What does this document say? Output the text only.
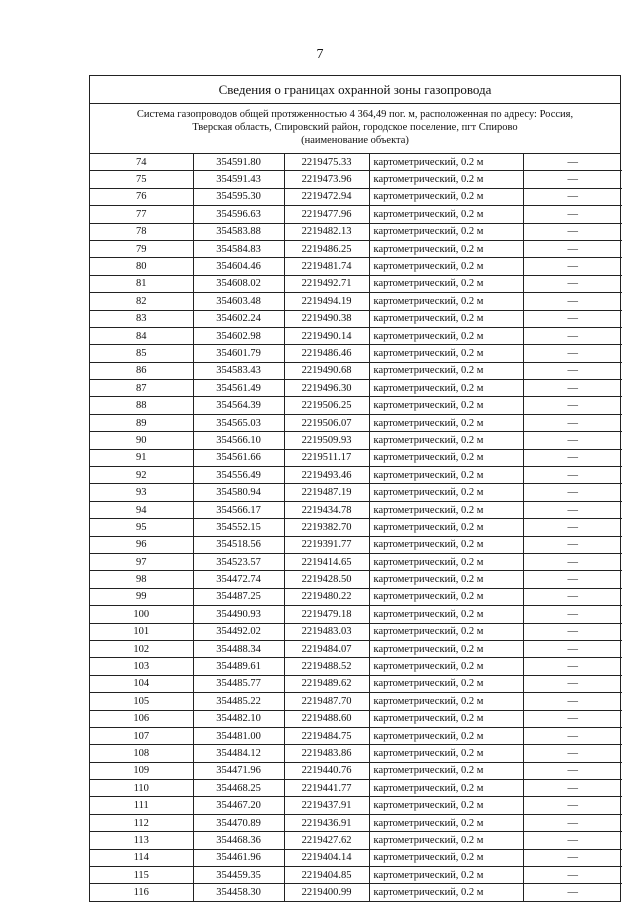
7
Сведения о границах охранной зоны газопровода
Система газопроводов общей протяженностью 4 364,49 пог. м, расположенная по адресу: Россия,
Тверская область, Спировский район, городское поселение, пгт Спирово
(наименование объекта)
74	354591.80	2219475.33	картометрический, 0.2 м	—
75	354591.43	2219473.96	картометрический, 0.2 м	—
76	354595.30	2219472.94	картометрический, 0.2 м	—
77	354596.63	2219477.96	картометрический, 0.2 м	—
78	354583.88	2219482.13	картометрический, 0.2 м	—
79	354584.83	2219486.25	картометрический, 0.2 м	—
80	354604.46	2219481.74	картометрический, 0.2 м	—
81	354608.02	2219492.71	картометрический, 0.2 м	—
82	354603.48	2219494.19	картометрический, 0.2 м	—
83	354602.24	2219490.38	картометрический, 0.2 м	—
84	354602.98	2219490.14	картометрический, 0.2 м	—
85	354601.79	2219486.46	картометрический, 0.2 м	—
86	354583.43	2219490.68	картометрический, 0.2 м	—
87	354561.49	2219496.30	картометрический, 0.2 м	—
88	354564.39	2219506.25	картометрический, 0.2 м	—
89	354565.03	2219506.07	картометрический, 0.2 м	—
90	354566.10	2219509.93	картометрический, 0.2 м	—
91	354561.66	2219511.17	картометрический, 0.2 м	—
92	354556.49	2219493.46	картометрический, 0.2 м	—
93	354580.94	2219487.19	картометрический, 0.2 м	—
94	354566.17	2219434.78	картометрический, 0.2 м	—
95	354552.15	2219382.70	картометрический, 0.2 м	—
96	354518.56	2219391.77	картометрический, 0.2 м	—
97	354523.57	2219414.65	картометрический, 0.2 м	—
98	354472.74	2219428.50	картометрический, 0.2 м	—
99	354487.25	2219480.22	картометрический, 0.2 м	—
100	354490.93	2219479.18	картометрический, 0.2 м	—
101	354492.02	2219483.03	картометрический, 0.2 м	—
102	354488.34	2219484.07	картометрический, 0.2 м	—
103	354489.61	2219488.52	картометрический, 0.2 м	—
104	354485.77	2219489.62	картометрический, 0.2 м	—
105	354485.22	2219487.70	картометрический, 0.2 м	—
106	354482.10	2219488.60	картометрический, 0.2 м	—
107	354481.00	2219484.75	картометрический, 0.2 м	—
108	354484.12	2219483.86	картометрический, 0.2 м	—
109	354471.96	2219440.76	картометрический, 0.2 м	—
110	354468.25	2219441.77	картометрический, 0.2 м	—
111	354467.20	2219437.91	картометрический, 0.2 м	—
112	354470.89	2219436.91	картометрический, 0.2 м	—
113	354468.36	2219427.62	картометрический, 0.2 м	—
114	354461.96	2219404.14	картометрический, 0.2 м	—
115	354459.35	2219404.85	картометрический, 0.2 м	—
116	354458.30	2219400.99	картометрический, 0.2 м	—
